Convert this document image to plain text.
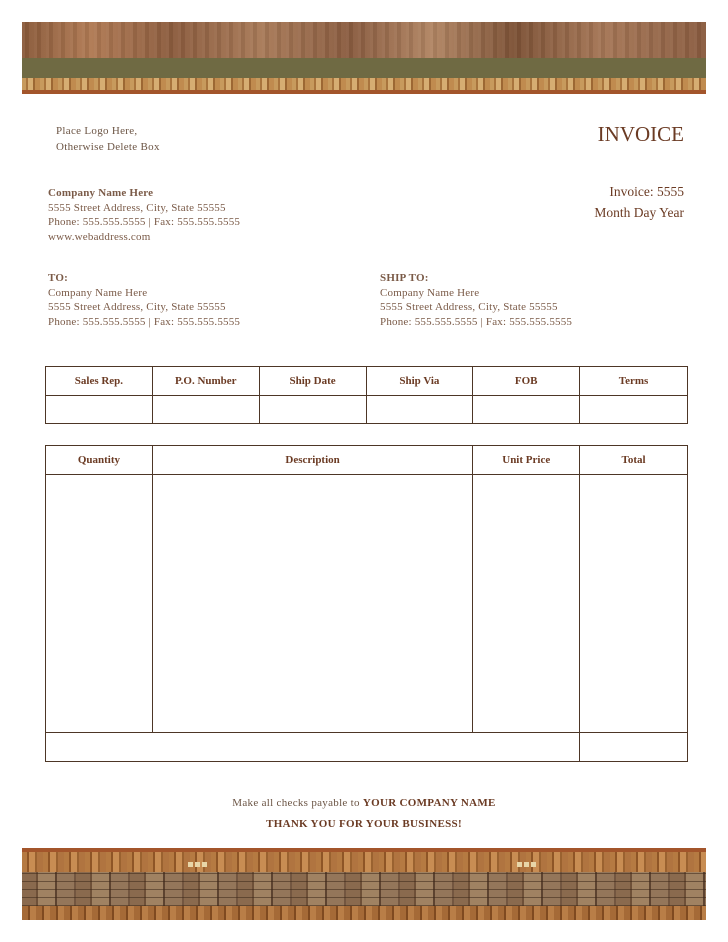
Place Logo Here,
Otherwise Delete Box
INVOICE
Company Name Here
5555 Street Address, City, State 55555
Phone: 555.555.5555 | Fax: 555.555.5555
www.webaddress.com
Invoice: 5555
Month Day Year
TO:
Company Name Here
5555 Street Address, City, State 55555
Phone: 555.555.5555 | Fax: 555.555.5555
SHIP TO:
Company Name Here
5555 Street Address, City, State 55555
Phone: 555.555.5555 | Fax: 555.555.5555
Sales Rep.	P.O. Number	Ship Date	Ship Via	FOB	Terms

Quantity	Description	Unit Price	Total

Make all checks payable to YOUR COMPANY NAME
THANK YOU FOR YOUR BUSINESS!
